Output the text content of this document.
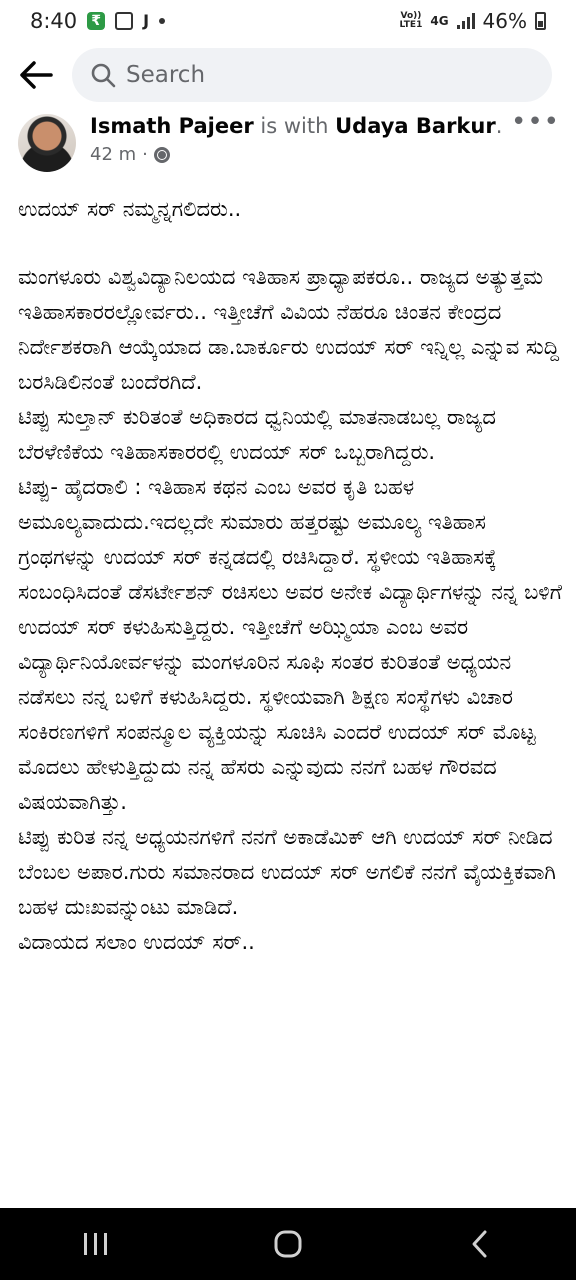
8:40 ₹	J	Vo))
LTE1 4G 46%
Search
Ismath Pajeer is with Udaya Barkur.
42 m ·
•••

ಉದಯ್ ಸರ್ ನಮ್ಮನ್ನಗಲಿದರು..

ಮಂಗಳೂರು ವಿಶ್ವವಿದ್ಯಾನಿಲಯದ ಇತಿಹಾಸ ಪ್ರಾಧ್ಯಾಪಕರೂ.. ರಾಜ್ಯದ ಅತ್ಯುತ್ತಮ ಇತಿಹಾಸಕಾರರಲ್ಲೋರ್ವರು.. ಇತ್ತೀಚೆಗೆ ವಿವಿಯ ನೆಹರೂ ಚಿಂತನ ಕೇಂದ್ರದ ನಿರ್ದೇಶಕರಾಗಿ ಆಯ್ಕೆಯಾದ ಡಾ.ಬಾರ್ಕೂರು ಉದಯ್ ಸರ್ ಇನ್ನಿಲ್ಲ ಎನ್ನುವ ಸುದ್ದಿ ಬರಸಿಡಿಲಿನಂತೆ ಬಂದೆರಗಿದೆ.

ಟಿಪ್ಪು ಸುಲ್ತಾನ್ ಕುರಿತಂತೆ ಅಧಿಕಾರದ ಧ್ವನಿಯಲ್ಲಿ ಮಾತನಾಡಬಲ್ಲ ರಾಜ್ಯದ ಬೆರಳೆಣಿಕೆಯ ಇತಿಹಾಸಕಾರರಲ್ಲಿ ಉದಯ್ ಸರ್ ಒಬ್ಬರಾಗಿದ್ದರು.

ಟಿಪ್ಪು- ಹೈದರಾಲಿ : ಇತಿಹಾಸ ಕಥನ ಎಂಬ ಅವರ ಕೃತಿ ಬಹಳ ಅಮೂಲ್ಯವಾದುದು.ಇದಲ್ಲದೇ ಸುಮಾರು ಹತ್ತರಷ್ಟು ಅಮೂಲ್ಯ ಇತಿಹಾಸ ಗ್ರಂಥಗಳನ್ನು ಉದಯ್ ಸರ್ ಕನ್ನಡದಲ್ಲಿ ರಚಿಸಿದ್ದಾರೆ. ಸ್ಥಳೀಯ ಇತಿಹಾಸಕ್ಕೆ ಸಂಬಂಧಿಸಿದಂತೆ ಡೆಸರ್ಟೇಶನ್ ರಚಿಸಲು ಅವರ ಅನೇಕ ವಿದ್ಯಾರ್ಥಿಗಳನ್ನು ನನ್ನ ಬಳಿಗೆ ಉದಯ್ ಸರ್ ಕಳುಹಿಸುತ್ತಿದ್ದರು. ಇತ್ತೀಚೆಗೆ ಅಝ್ಮಿಯಾ ಎಂಬ ಅವರ ವಿದ್ಯಾರ್ಥಿನಿಯೋರ್ವಳನ್ನು ಮಂಗಳೂರಿನ ಸೂಫಿ ಸಂತರ ಕುರಿತಂತೆ ಅಧ್ಯಯನ ನಡೆಸಲು ನನ್ನ ಬಳಿಗೆ ಕಳುಹಿಸಿದ್ದರು. ಸ್ಥಳೀಯವಾಗಿ ಶಿಕ್ಷಣ ಸಂಸ್ಥೆಗಳು ವಿಚಾರ ಸಂಕಿರಣಗಳಿಗೆ ಸಂಪನ್ಮೂಲ ವ್ಯಕ್ತಿಯನ್ನು ಸೂಚಿಸಿ ಎಂದರೆ ಉದಯ್ ಸರ್ ಮೊಟ್ಟ ಮೊದಲು ಹೇಳುತ್ತಿದ್ದುದು ನನ್ನ ಹೆಸರು ಎನ್ನುವುದು ನನಗೆ ಬಹಳ ಗೌರವದ ವಿಷಯವಾಗಿತ್ತು.

ಟಿಪ್ಪು ಕುರಿತ ನನ್ನ ಅಧ್ಯಯನಗಳಿಗೆ ನನಗೆ ಅಕಾಡೆಮಿಕ್ ಆಗಿ ಉದಯ್ ಸರ್ ನೀಡಿದ ಬೆಂಬಲ ಅಪಾರ.ಗುರು ಸಮಾನರಾದ ಉದಯ್ ಸರ್ ಅಗಲಿಕೆ ನನಗೆ ವೈಯಕ್ತಿಕವಾಗಿ ಬಹಳ ದುಃಖವನ್ನುಂಟು ಮಾಡಿದೆ.

ವಿದಾಯದ ಸಲಾಂ ಉದಯ್ ಸರ್..
